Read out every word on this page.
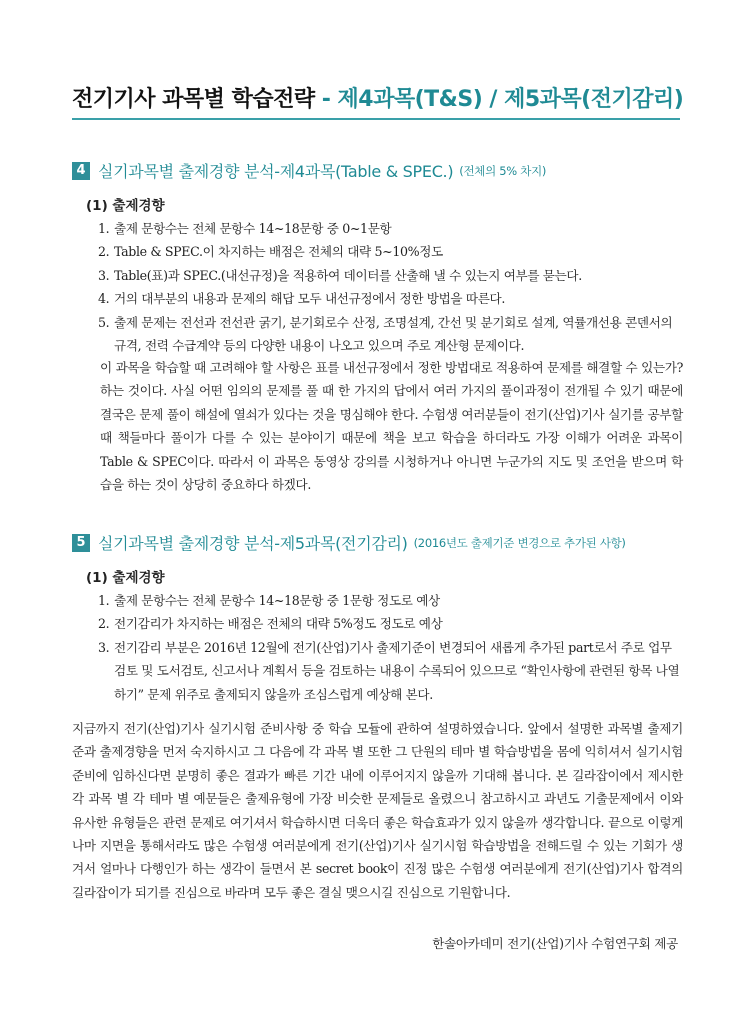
전기기사 과목별 학습전략 - 제4과목(T&S) / 제5과목(전기감리)
4 실기과목별 출제경향 분석-제4과목(Table & SPEC.) (전체의 5% 차지)
(1) 출제경향
1. 출제 문항수는 전체 문항수 14~18문항 중 0~1문항
2. Table & SPEC.이 차지하는 배점은 전체의 대략 5~10%정도
3. Table(표)과 SPEC.(내선규정)을 적용하여 데이터를 산출해 낼 수 있는지 여부를 묻는다.
4. 거의 대부분의 내용과 문제의 해답 모두 내선규정에서 정한 방법을 따른다.
5. 출제 문제는 전선과 전선관 굵기, 분기회로수 산정, 조명설계, 간선 및 분기회로 설계, 역률개선용 콘덴서의 규격, 전력 수급계약 등의 다양한 내용이 나오고 있으며 주로 계산형 문제이다.

이 과목을 학습할 때 고려해야 할 사항은 표를 내선규정에서 정한 방법대로 적용하여 문제를 해결할 수 있는가? 하는 것이다. 사실 어떤 임의의 문제를 풀 때 한 가지의 답에서 여러 가지의 풀이과정이 전개될 수 있기 때문에 결국은 문제 풀이 해설에 열쇠가 있다는 것을 명심해야 한다. 수험생 여러분들이 전기(산업)기사 실기를 공부할 때 책들마다 풀이가 다를 수 있는 분야이기 때문에 책을 보고 학습을 하더라도 가장 이해가 어려운 과목이 Table & SPEC이다. 따라서 이 과목은 동영상 강의를 시청하거나 아니면 누군가의 지도 및 조언을 받으며 학습을 하는 것이 상당히 중요하다 하겠다.

5 실기과목별 출제경향 분석-제5과목(전기감리) (2016년도 출제기준 변경으로 추가된 사항)
(1) 출제경향
1. 출제 문항수는 전체 문항수 14~18문항 중 1문항 정도로 예상
2. 전기감리가 차지하는 배점은 전체의 대략 5%정도 정도로 예상
3. 전기감리 부분은 2016년 12월에 전기(산업)기사 출제기준이 변경되어 새롭게 추가된 part로서 주로 업무검토 및 도서검토, 신고서나 계획서 등을 검토하는 내용이 수록되어 있으므로 “확인사항에 관련된 항목 나열하기” 문제 위주로 출제되지 않을까 조심스럽게 예상해 본다.

지금까지 전기(산업)기사 실기시험 준비사항 중 학습 모듈에 관하여 설명하였습니다. 앞에서 설명한 과목별 출제기준과 출제경향을 먼저 숙지하시고 그 다음에 각 과목 별 또한 그 단원의 테마 별 학습방법을 몸에 익히셔서 실기시험 준비에 임하신다면 분명히 좋은 결과가 빠른 기간 내에 이루어지지 않을까 기대해 봅니다. 본 길라잡이에서 제시한 각 과목 별 각 테마 별 예문들은 출제유형에 가장 비슷한 문제들로 올렸으니 참고하시고 과년도 기출문제에서 이와 유사한 유형들은 관련 문제로 여기셔서 학습하시면 더욱더 좋은 학습효과가 있지 않을까 생각합니다. 끝으로 이렇게나마 지면을 통해서라도 많은 수험생 여러분에게 전기(산업)기사 실기시험 학습방법을 전해드릴 수 있는 기회가 생겨서 얼마나 다행인가 하는 생각이 들면서 본 secret book이 진정 많은 수험생 여러분에게 전기(산업)기사 합격의 길라잡이가 되기를 진심으로 바라며 모두 좋은 결실 맺으시길 진심으로 기원합니다.

한솔아카데미 전기(산업)기사 수험연구회 제공
